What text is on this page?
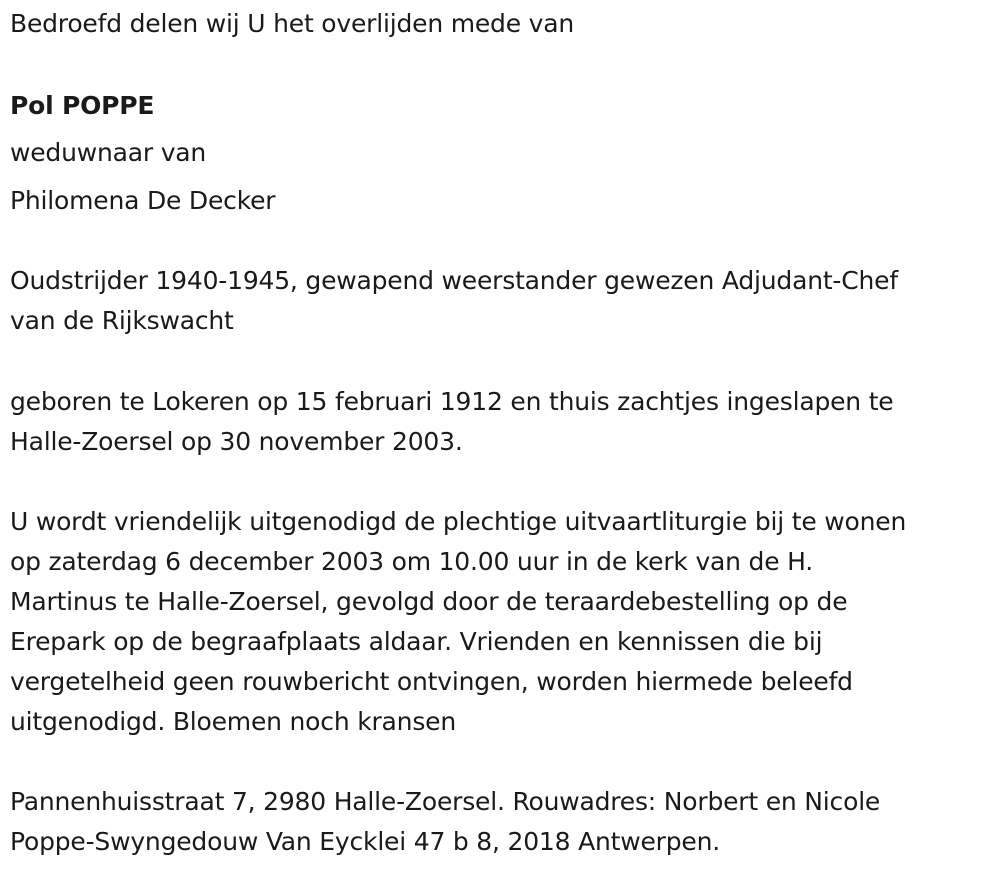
Bedroefd delen wij U het overlijden mede van
Pol POPPE
weduwnaar van
Philomena De Decker
Oudstrijder 1940-1945, gewapend weerstander gewezen Adjudant-Chef
van de Rijkswacht
geboren te Lokeren op 15 februari 1912 en thuis zachtjes ingeslapen te
Halle-Zoersel op 30 november 2003.
U wordt vriendelijk uitgenodigd de plechtige uitvaartliturgie bij te wonen
op zaterdag 6 december 2003 om 10.00 uur in de kerk van de H.
Martinus te Halle-Zoersel, gevolgd door de teraardebestelling op de
Erepark op de begraafplaats aldaar. Vrienden en kennissen die bij
vergetelheid geen rouwbericht ontvingen, worden hiermede beleefd
uitgenodigd. Bloemen noch kransen
Pannenhuisstraat 7, 2980 Halle-Zoersel. Rouwadres: Norbert en Nicole
Poppe-Swyngedouw Van Eycklei 47 b 8, 2018 Antwerpen.
